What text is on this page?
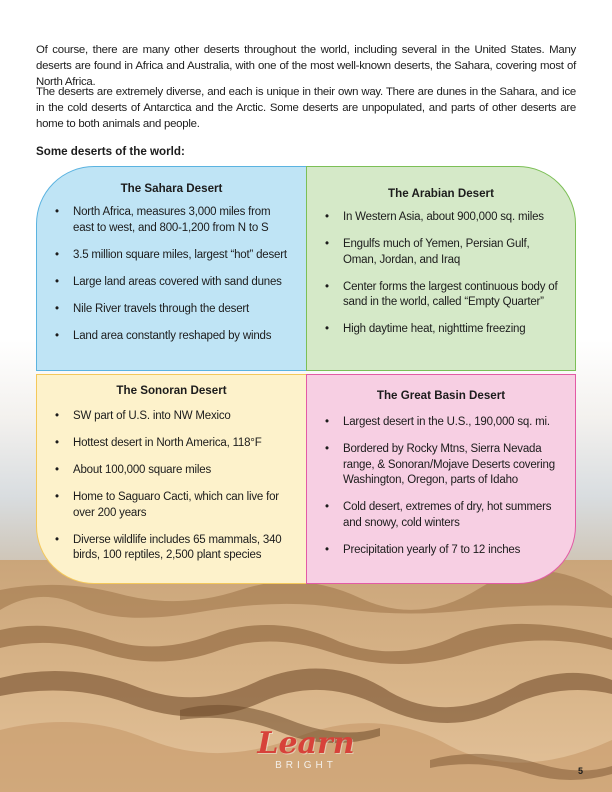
Of course, there are many other deserts throughout the world, including several in the United States. Many deserts are found in Africa and Australia, with one of the most well-known deserts, the Sahara, covering most of North Africa.

The deserts are extremely diverse, and each is unique in their own way. There are dunes in the Sahara, and ice in the cold deserts of Antarctica and the Arctic. Some deserts are unpopulated, and parts of other deserts are home to both animals and people.

Some deserts of the world:
The Sahara Desert
• North Africa, measures 3,000 miles from east to west, and 800-1,200 from N to S
• 3.5 million square miles, largest “hot” desert
• Large land areas covered with sand dunes
• Nile River travels through the desert
• Land area constantly reshaped by winds
The Arabian Desert
• In Western Asia, about 900,000 sq. miles
• Engulfs much of Yemen, Persian Gulf, Oman, Jordan, and Iraq
• Center forms the largest continuous body of sand in the world, called “Empty Quarter”
• High daytime heat, nighttime freezing
The Sonoran Desert
• SW part of U.S. into NW Mexico
• Hottest desert in North America, 118°F
• About 100,000 square miles
• Home to Saguaro Cacti, which can live for over 200 years
• Diverse wildlife includes 65 mammals, 340 birds, 100 reptiles, 2,500 plant species
The Great Basin Desert
• Largest desert in the U.S., 190,000 sq. mi.
• Bordered by Rocky Mtns, Sierra Nevada range, & Sonoran/Mojave Deserts covering Washington, Oregon, parts of Idaho
• Cold desert, extremes of dry, hot summers and snowy, cold winters
• Precipitation yearly of 7 to 12 inches
Learn
BRIGHT	5
